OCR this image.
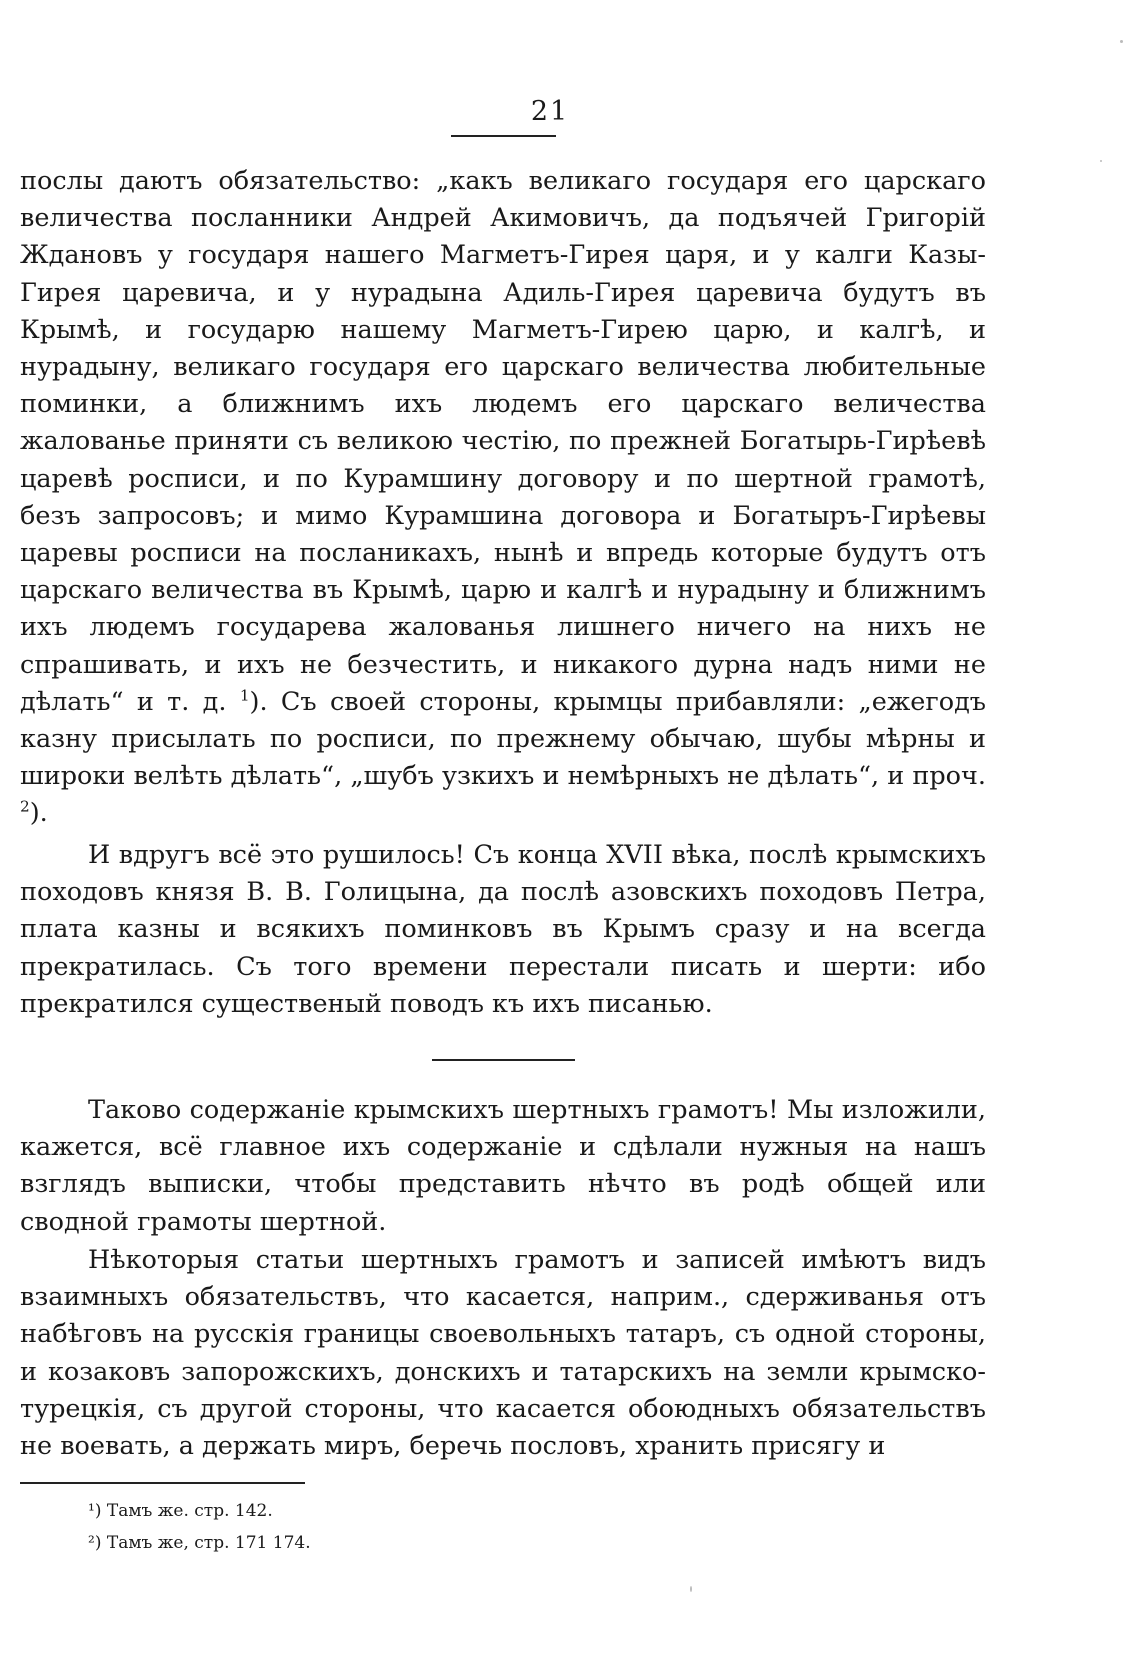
21

послы даютъ обязательство: „какъ великаго государя его царскаго величества посланники Андрей Акимовичъ, да подъячей Григорій Ждановъ у государя нашего Магметъ-Гирея царя, и у калги Казы-Гирея царевича, и у нурадына Адиль-Гирея царевича будутъ въ Крымѣ, и государю нашему Магметъ-Гирею царю, и калгѣ, и нурадыну, великаго государя его царскаго величества любительные поминки, а ближнимъ ихъ людемъ его царскаго величества жалованье приняти съ великою честію, по прежней Богатырь-Гирѣевѣ царевѣ росписи, и по Курамшину договору и по шертной грамотѣ, безъ запросовъ; и мимо Курамшина договора и Богатыръ-Гирѣевы царевы росписи на посланикахъ, нынѣ и впредь которые будутъ отъ царскаго величества въ Крымѣ, царю и калгѣ и нурадыну и ближнимъ ихъ людемъ государева жалованья лишнего ничего на нихъ не спрашивать, и ихъ не безчестить, и никакого дурна надъ ними не дѣлать“ и т. д. $^1$). Съ своей стороны, крымцы прибавляли: „ежегодъ казну присылать по росписи, по прежнему обычаю, шубы мѣрны и широки велѣть дѣлать“, „шубъ узкихъ и немѣрныхъ не дѣлать“, и проч. $^2$).

И вдругъ всё это рушилось! Съ конца XVII вѣка, послѣ крымскихъ походовъ князя В. В. Голицына, да послѣ азовскихъ походовъ Петра, плата казны и всякихъ поминковъ въ Крымъ сразу и на всегда прекратилась. Съ того времени перестали писать и шерти: ибо прекратился существеный поводъ къ ихъ писанью.

Таково содержаніе крымскихъ шертныхъ грамотъ! Мы изложили, кажется, всё главное ихъ содержаніе и сдѣлали нужныя на нашъ взглядъ выписки, чтобы представить нѣчто въ родѣ общей или сводной грамоты шертной.

Нѣкоторыя статьи шертныхъ грамотъ и записей имѣютъ видъ взаимныхъ обязательствъ, что касается, наприм., сдерживанья отъ набѣговъ на русскія границы своевольныхъ татаръ, съ одной стороны, и козаковъ запорожскихъ, донскихъ и татарскихъ на земли крымско-турецкія, съ другой стороны, что касается обоюдныхъ обязательствъ не воевать, а держать миръ, беречь пословъ, хранить присягу и

¹) Тамъ же. стр. 142.

²) Тамъ же, стр. 171 174.
